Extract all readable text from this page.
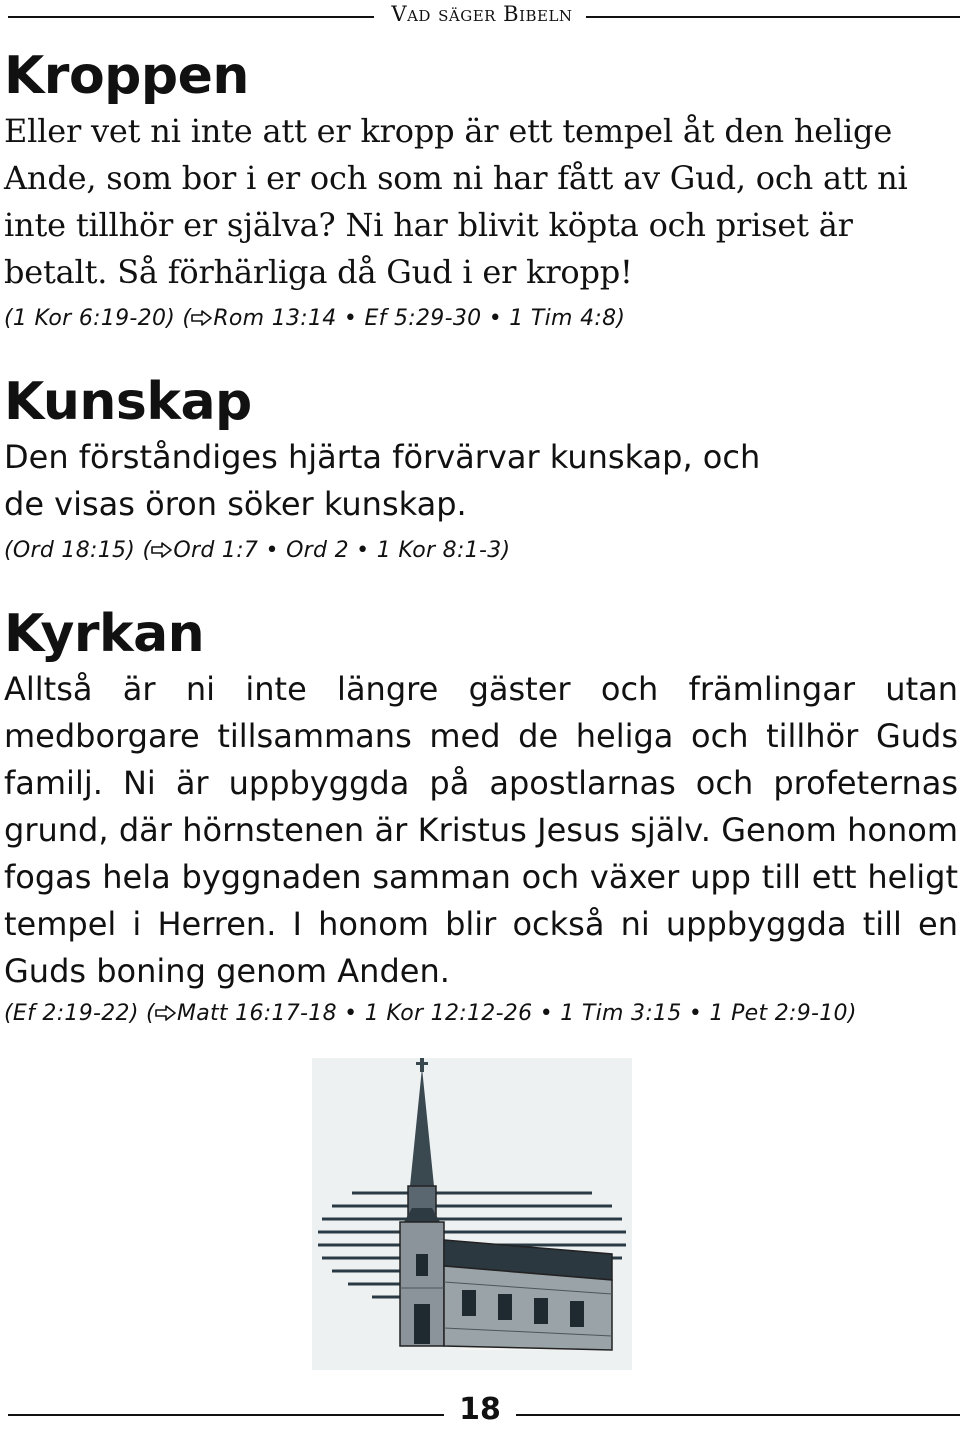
Vad säger Bibeln
Kroppen

Eller vet ni inte att er kropp är ett tempel åt den helige Ande, som bor i er och som ni har fått av Gud, och att ni inte tillhör er själva? Ni har blivit köpta och priset är betalt. Så förhärliga då Gud i er kropp!

(1 Kor 6:19-20) ( Rom 13:14 • Ef 5:29-30 • 1 Tim 4:8)

Kunskap

Den förståndiges hjärta förvärvar kunskap, och de visas öron söker kunskap.

(Ord 18:15) ( Ord 1:7 • Ord 2 • 1 Kor 8:1-3)

Kyrkan

Alltså är ni inte längre gäster och främlingar utan medborgare tillsammans med de heliga och tillhör Guds familj. Ni är uppbyggda på apostlarnas och profeternas grund, där hörnstenen är Kristus Jesus själv. Genom honom fogas hela byggnaden samman och växer upp till ett heligt tempel i Herren. I honom blir också ni uppbyggda till en Guds boning genom Anden.

(Ef 2:19-22) ( Matt 16:17-18 • 1 Kor 12:12-26 • 1 Tim 3:15 • 1 Pet 2:9-10)

18
